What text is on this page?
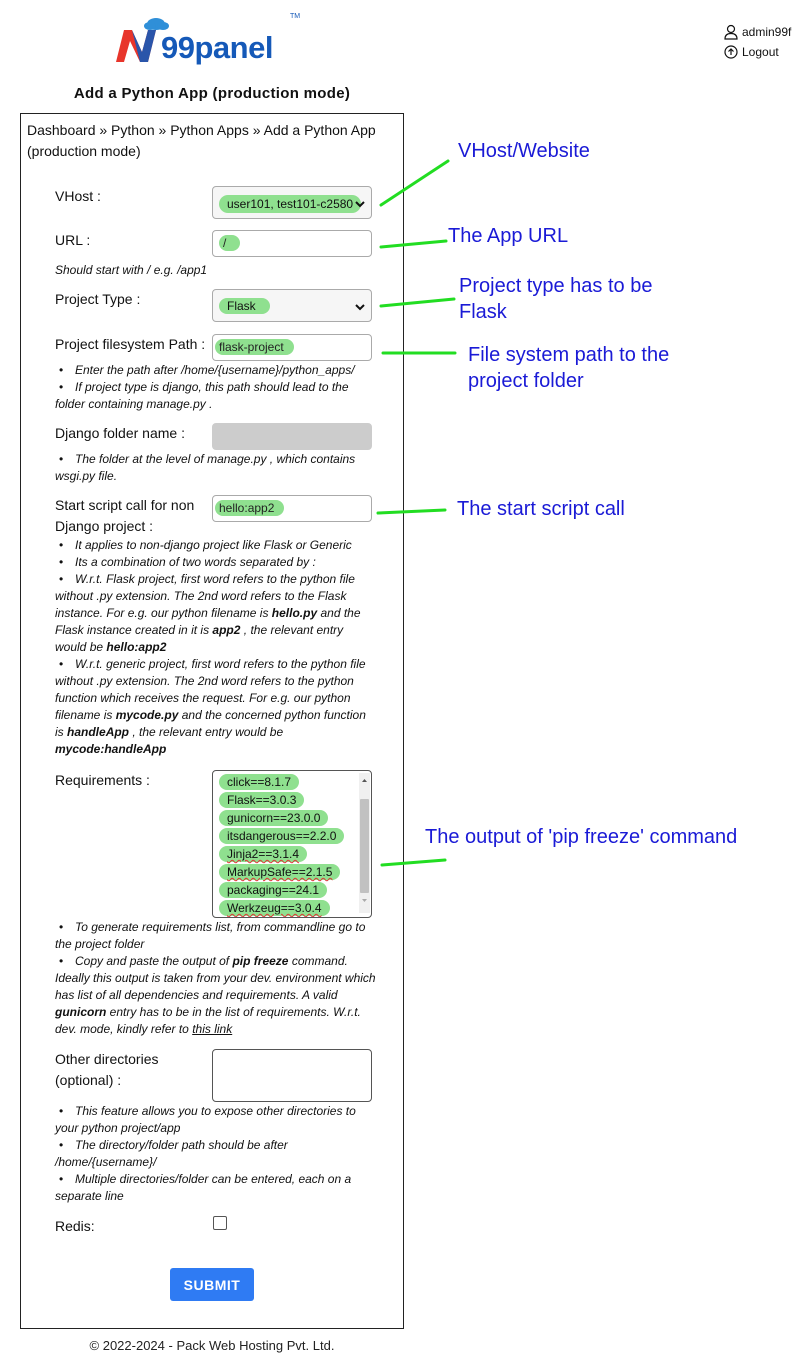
99panel
TM
admin99f
Logout
Add a Python App (production mode)
Dashboard » Python » Python Apps » Add a Python App (production mode)
VHost :	user101, test101-c2580
URL :	/
Should start with / e.g. /app1
Project Type :	Flask
Project filesystem Path :	flask-project
• Enter the path after /home/{username}/python_apps/
• If project type is django, this path should lead to the folder containing manage.py .
Django folder name :
• The folder at the level of manage.py , which contains wsgi.py file.
Start script call for non Django project :
hello:app2
• It applies to non-django project like Flask or Generic
• Its a combination of two words separated by :
• W.r.t. Flask project, first word refers to the python file without .py extension. The 2nd word refers to the Flask instance. For e.g. our python filename is hello.py and the Flask instance created in it is app2 , the relevant entry would be hello:app2
• W.r.t. generic project, first word refers to the python file without .py extension. The 2nd word refers to the python function which receives the request. For e.g. our python filename is mycode.py and the concerned python function is handleApp , the relevant entry would be mycode:handleApp
Requirements :	click==8.1.7
Flask==3.0.3
gunicorn==23.0.0
itsdangerous==2.2.0
Jinja2==3.1.4
MarkupSafe==2.1.5
packaging==24.1
Werkzeug==3.0.4
• To generate requirements list, from commandline go to the project folder
• Copy and paste the output of pip freeze command. Ideally this output is taken from your dev. environment which has list of all dependencies and requirements. A valid gunicorn entry has to be in the list of requirements. W.r.t. dev. mode, kindly refer to this link
Other directories (optional) :
• This feature allows you to expose other directories to your python project/app
• The directory/folder path should be after /home/{username}/
• Multiple directories/folder can be entered, each on a separate line
Redis:
SUBMIT
© 2022-2024 - Pack Web Hosting Pvt. Ltd.
VHost/Website
The App URL
Project type has to be Flask
File system path to the project folder
The start script call
The output of 'pip freeze' command
